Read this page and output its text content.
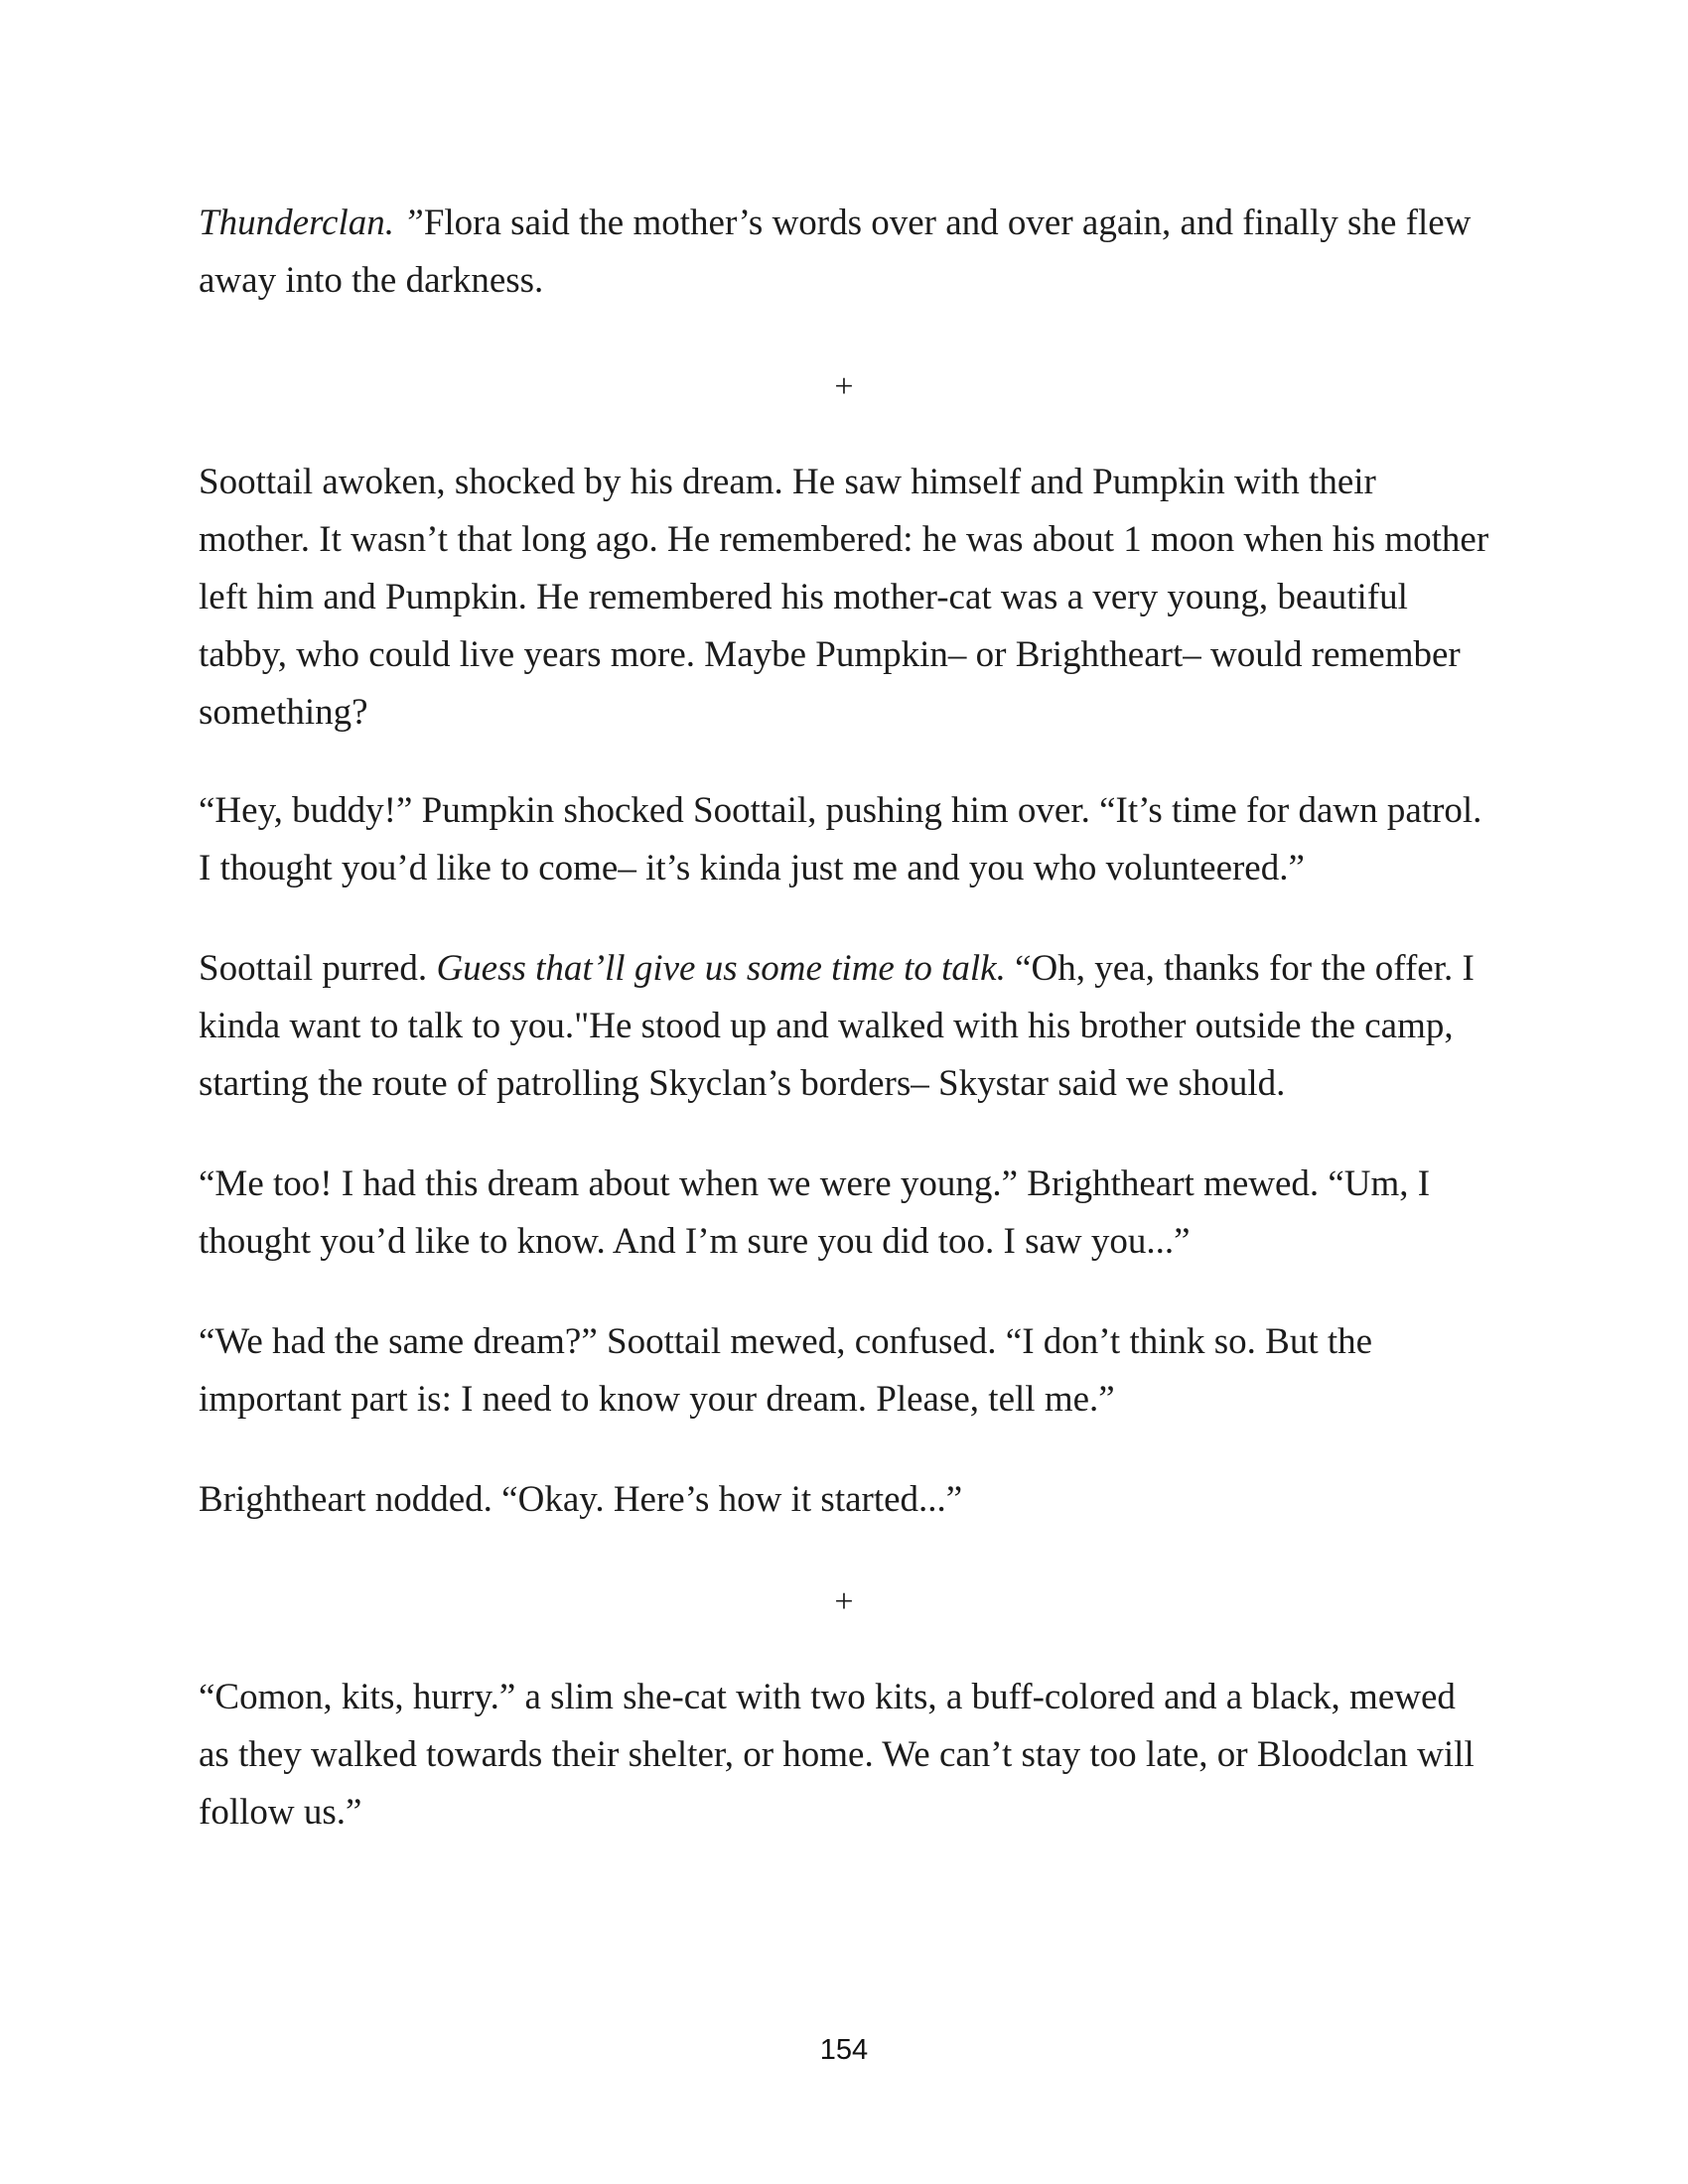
Thunderclan. ”Flora said the mother’s words over and over again, and finally she flew away into the darkness.

+

Soottail awoken, shocked by his dream. He saw himself and Pumpkin with their mother. It wasn’t that long ago. He remembered: he was about 1 moon when his mother left him and Pumpkin. He remembered his mother-cat was a very young, beautiful tabby, who could live years more. Maybe Pumpkin– or Brightheart– would remember something?

“Hey, buddy!” Pumpkin shocked Soottail, pushing him over. “It’s time for dawn patrol. I thought you’d like to come– it’s kinda just me and you who volunteered.”

Soottail purred. Guess that’ll give us some time to talk. “Oh, yea, thanks for the offer. I kinda want to talk to you."He stood up and walked with his brother outside the camp, starting the route of patrolling Skyclan’s borders– Skystar said we should.

“Me too! I had this dream about when we were young.” Brightheart mewed. “Um, I thought you’d like to know. And I’m sure you did too. I saw you...”

“We had the same dream?” Soottail mewed, confused. “I don’t think so. But the important part is: I need to know your dream. Please, tell me.”

Brightheart nodded. “Okay. Here’s how it started...”

+

“Comon, kits, hurry.” a slim she-cat with two kits, a buff-colored and a black, mewed as they walked towards their shelter, or home. We can’t stay too late, or Bloodclan will follow us.”

154
